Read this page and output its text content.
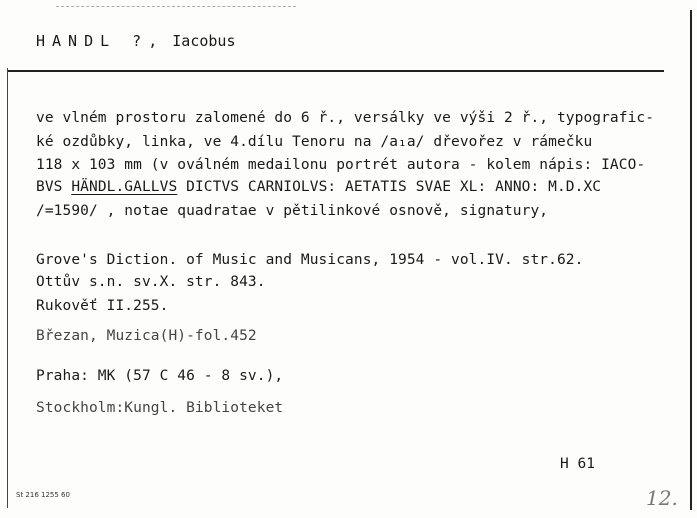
HANDL ?, Iacobus
ve vlném prostoru zalomené do 6 ř., versálky ve výši 2 ř., typografic-
ké ozdůbky, linka, ve 4.dílu Tenoru na /a₁a/ dřevořez v rámečku
118 x 103 mm (v oválném medailonu portrét autora - kolem nápis: IACO-
BVS HÄNDL.GALLVS DICTVS CARNIOLVS: AETATIS SVAE XL: ANNO: M.D.XC
/=1590/ , notae quadratae v pětilinkové osnově, signatury,
Grove's Diction. of Music and Musicans, 1954 - vol.IV. str.62.
Ottův s.n. sv.X. str. 843.
Rukověť II.255.
Březan, Muzica(H)-fol.452
Praha: MK (57 C 46 - 8 sv.),
Stockholm:Kungl. Biblioteket
H 61
St 216 1255 60	12.
